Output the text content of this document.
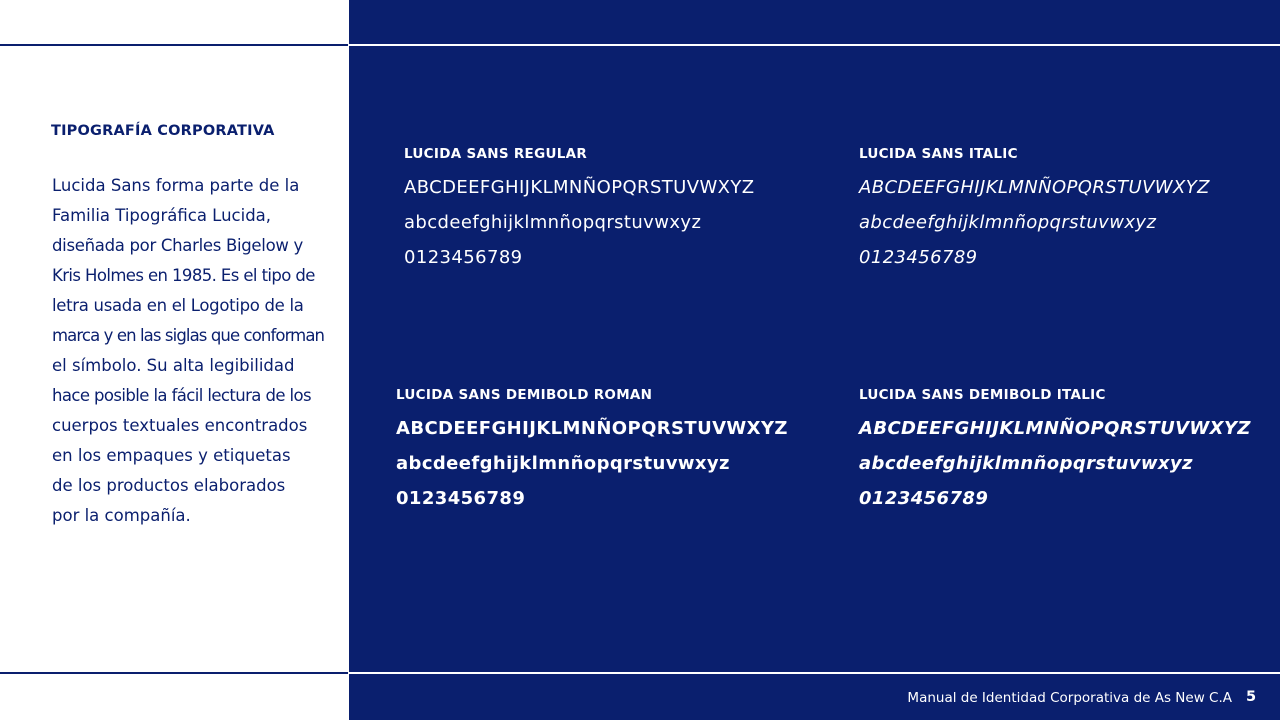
TIPOGRAFÍA CORPORATIVA
Lucida Sans forma parte de la
Familia Tipográfica Lucida,
diseñada por Charles Bigelow y
Kris Holmes en 1985. Es el tipo de
letra usada en el Logotipo de la
marca y en las siglas que conforman
el símbolo. Su alta legibilidad
hace posible la fácil lectura de los
cuerpos textuales encontrados
en los empaques y etiquetas
de los productos elaborados
por la compañía.
LUCIDA SANS REGULAR
ABCDEEFGHIJKLMNÑOPQRSTUVWXYZ
abcdeefghijklmnñopqrstuvwxyz
0123456789
LUCIDA SANS ITALIC
ABCDEEFGHIJKLMNÑOPQRSTUVWXYZ
abcdeefghijklmnñopqrstuvwxyz
0123456789
LUCIDA SANS DEMIBOLD ROMAN
ABCDEEFGHIJKLMNÑOPQRSTUVWXYZ
abcdeefghijklmnñopqrstuvwxyz
0123456789
LUCIDA SANS DEMIBOLD ITALIC
ABCDEEFGHIJKLMNÑOPQRSTUVWXYZ
abcdeefghijklmnñopqrstuvwxyz
0123456789
Manual de Identidad Corporativa de As New C.A 5
